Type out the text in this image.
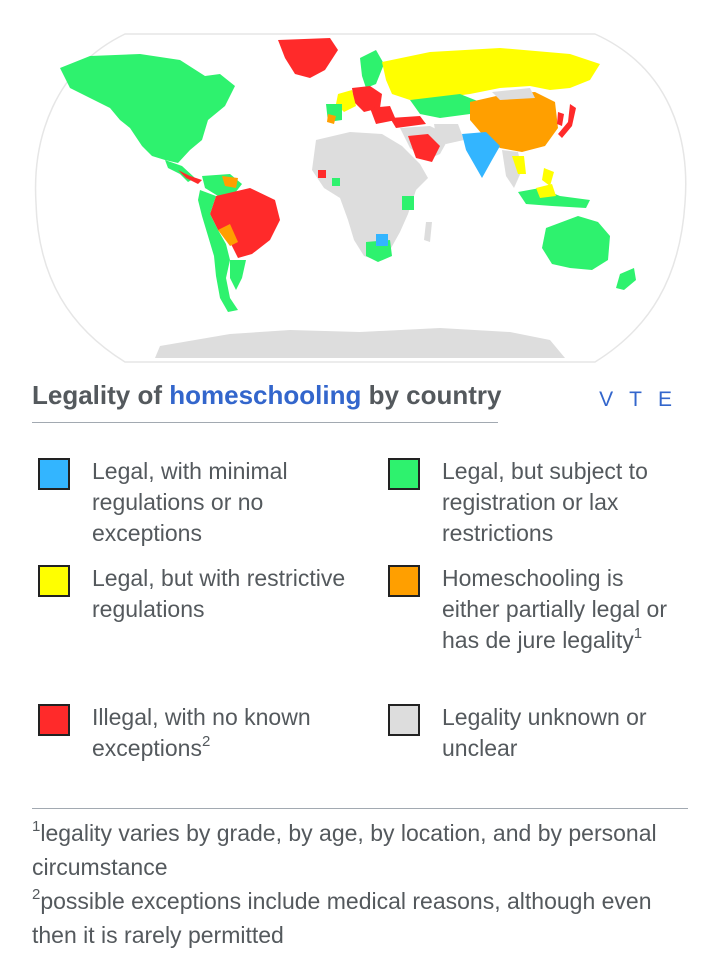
Legality of homeschooling by country	V T E
Legal, with minimal regulations or no exceptions
Legal, but subject to registration or lax restrictions
Legal, but with restrictive regulations
Homeschooling is either partially legal or has de jure legality$^1$
Illegal, with no known exceptions$^2$
Legality unknown or unclear
$^1$legality varies by grade, by age, by location, and by personal circumstance
$^2$possible exceptions include medical reasons, although even then it is rarely permitted
